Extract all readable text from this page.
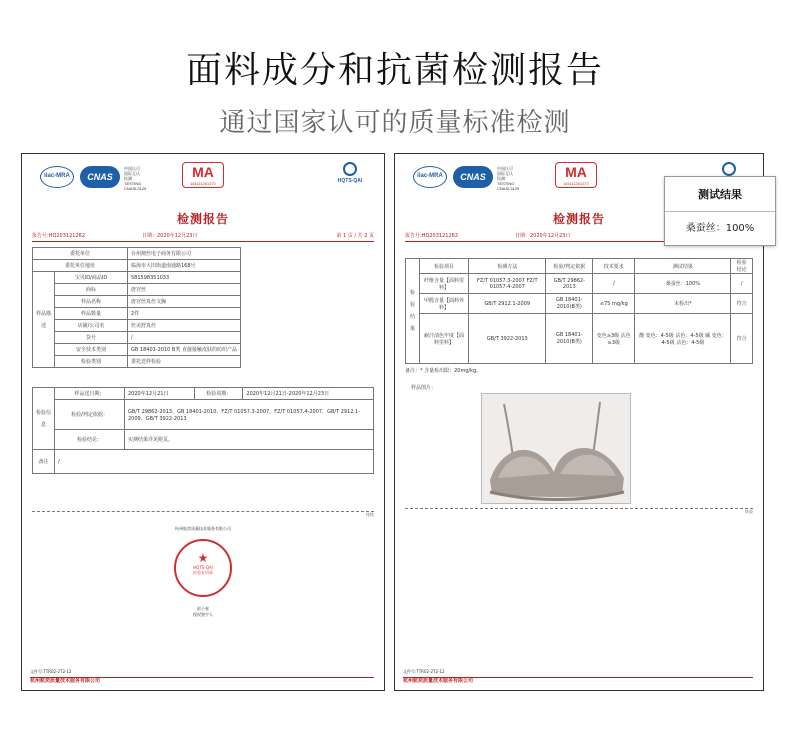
面料成分和抗菌检测报告
通过国家认可的质量标准检测
ilac-MRA	CNAS
中国认可
国际互认
检测
TESTING
CNASL3129
MA
161111261372	HQTS-QAI
检测报告
报告号:HQ203121262	日期：2020年12月23日	第 1 页 / 共 2 页
委托单位		台州澳丝电子商务有限公司
委托单位地址		临海市大田街道南通路168号
样品描述	宝贝ID/商品ID	581598351033
	商标	唐宫丝
	样品名称	唐宫丝真丝文胸
	样品数量	2件
	店铺/公司名	丝美舒真丝
	货号	/
	安全技术类别	GB 18401-2010 B类 直接接触皮肤的纺织产品
	检验类别	委托送样检验
检验信息	样品送日期：	2020年12月21日	检验周期：	2020年12月21日-2020年12月23日
	检验/判定依据：	GB/T 29862-2013、GB 18401-2010、FZ/T 01057.3-2007、FZ/T 01057.4-2007、GB/T 2912.1-2009、GB/T 3922-2013		
	检验结论：	实测结果详见附页。		
备注	/			
待续
杭州航奕质量技术服务有限公司
★
HQTS-QAI
检验专用章
彭小春
授权签字人
文件号:TTR02-2T2-12
杭州航奕质量技术服务有限公司
ilac-MRA	CNAS
中国认可
国际互认
检测
TESTING
CNASL3129
MA
161111261372
检测报告
报告号:HQ203121262	日期：2020年12月23日
检验结果	检验项目	检测方法	检验/判定依据	技术要求	测试结果	检验结论
	纤维含量【面料里料】	FZ/T 01057.3-2007 FZ/T 01057.4-2007	GB/T 29862-2013	/	桑蚕丝：100%	/
	甲醛含量【面料外料】	GB/T 2912.1-2009	GB 18401-2010(B类)	≤75 mg/kg	未检出*	符合
	耐汗渍色牢度【面料里料】	GB/T 3922-2013	GB 18401-2010(B类)	变色≥3级 沾色≥3级	酸 变色：4-5级 沾色：4-5级 碱 变色：4-5级 沾色：4-5级	符合
备注：* 含量检出限：20mg/kg。
样品图片：
结束
文件号:TTR02-2T2-12
杭州航奕质量技术服务有限公司
测试结果
桑蚕丝：100%
